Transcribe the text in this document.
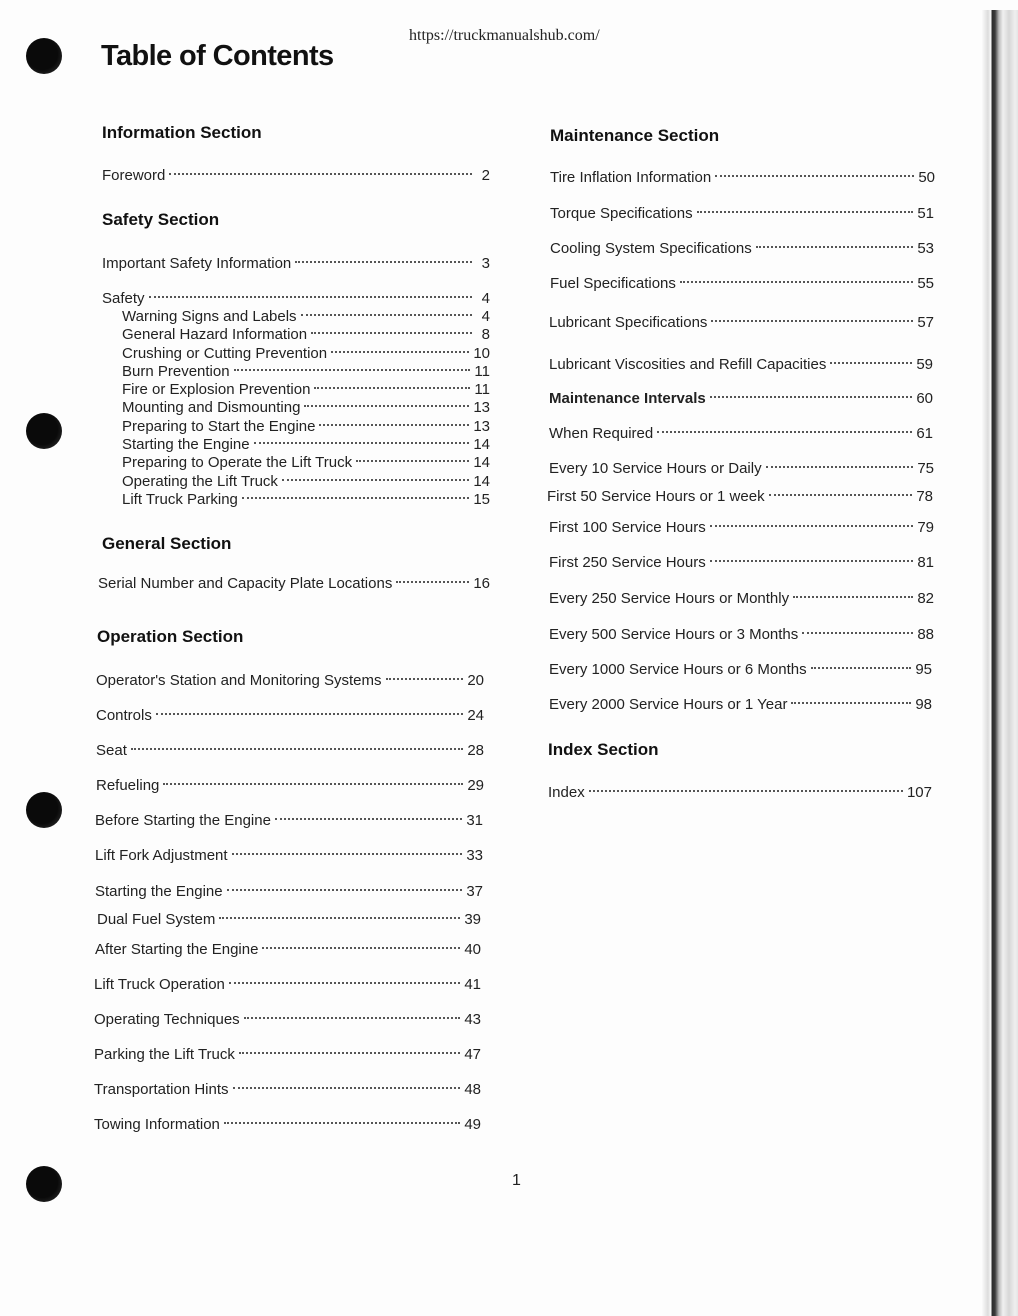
https://truckmanualshub.com/
Table of Contents
Information Section
Foreword	2
Safety Section
Important Safety Information	3
Safety	4
Warning Signs and Labels	4
General Hazard Information	8
Crushing or Cutting Prevention	10
Burn Prevention	11
Fire or Explosion Prevention	11
Mounting and Dismounting	13
Preparing to Start the Engine	13
Starting the Engine	14
Preparing to Operate the Lift Truck	14
Operating the Lift Truck	14
Lift Truck Parking	15
General Section
Serial Number and Capacity Plate Locations	16
Operation Section
Operator's Station and Monitoring Systems	20
Controls	24
Seat	28
Refueling	29
Before Starting the Engine	31
Lift Fork Adjustment	33
Starting the Engine	37
Dual Fuel System	39
After Starting the Engine	40
Lift Truck Operation	41
Operating Techniques	43
Parking the Lift Truck	47
Transportation Hints	48
Towing Information	49
Maintenance Section
Tire Inflation Information	50
Torque Specifications	51
Cooling System Specifications	53
Fuel Specifications	55
Lubricant Specifications	57
Lubricant Viscosities and Refill Capacities	59
Maintenance Intervals	60
When Required	61
Every 10 Service Hours or Daily	75
First 50 Service Hours or 1 week	78
First 100 Service Hours	79
First 250 Service Hours	81
Every 250 Service Hours or Monthly	82
Every 500 Service Hours or 3 Months	88
Every 1000 Service Hours or 6 Months	95
Every 2000 Service Hours or 1 Year	98
Index Section
Index	107
1
